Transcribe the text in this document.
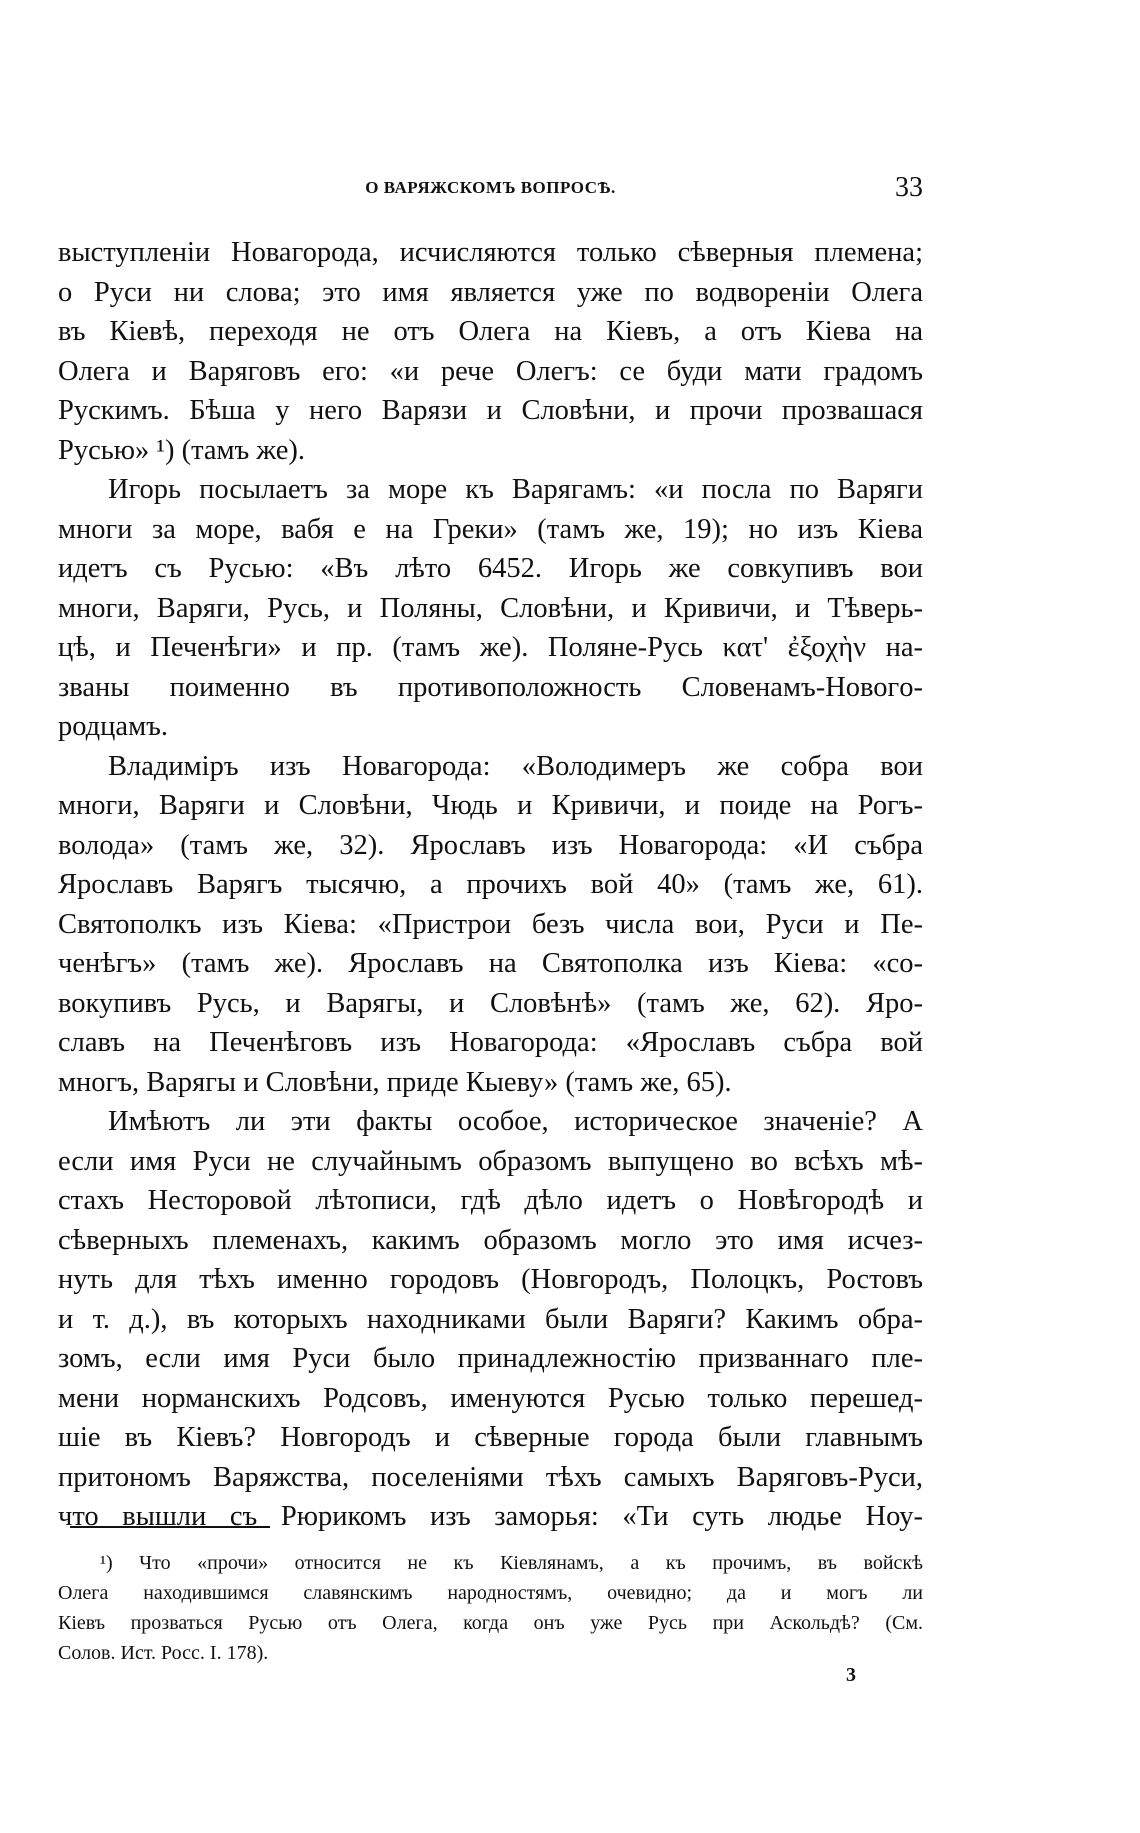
О ВАРЯЖСКОМЪ ВОПРОСѢ.	33
выступленіи Новагорода, исчисляются только сѣверныя племена;
о Руси ни слова; это имя является уже по водвореніи Олега
въ Кіевѣ, переходя не отъ Олега на Кіевъ, а отъ Кіева на
Олега и Варяговъ его: «и рече Олегъ: се буди мати градомъ
Рускимъ. Бѣша у него Варязи и Словѣни, и прочи прозвашася
Русью» ¹) (тамъ же).
Игорь посылаетъ за море къ Варягамъ: «и посла по Варяги
многи за море, вабя е на Греки» (тамъ же, 19); но изъ Кіева
идетъ съ Русью: «Въ лѣто 6452. Игорь же совкупивъ вои
многи, Варяги, Русь, и Поляны, Словѣни, и Кривичи, и Тѣверь-
цѣ, и Печенѣги» и пр. (тамъ же). Поляне-Русь κατ' ἐξοχὴν на-
званы поименно въ противоположность Словенамъ-Новогo-
родцамъ.
Владиміръ изъ Новагорода: «Володимеръ же собра вои
многи, Варяги и Словѣни, Чюдь и Кривичи, и поиде на Рогъ-
волода» (тамъ же, 32). Ярославъ изъ Новагорода: «И събра
Ярославъ Варягъ тысячю, а прочихъ вой 40» (тамъ же, 61).
Святополкъ изъ Кіева: «Пристрои безъ числа вои, Руси и Пе-
ченѣгъ» (тамъ же). Ярославъ на Святополка изъ Кіева: «со-
вокупивъ Русь, и Варягы, и Словѣнѣ» (тамъ же, 62). Яро-
славъ на Печенѣговъ изъ Новагорода: «Ярославъ събра вой
мнoгъ, Варягы и Словѣни, приде Кыеву» (тамъ же, 65).
Имѣютъ ли эти факты особое, историческое значеніе? А
если имя Руси не случайнымъ образомъ выпущено во всѣхъ мѣ-
стахъ Несторовой лѣтописи, гдѣ дѣло идетъ о Новѣгородѣ и
сѣверныхъ племенахъ, какимъ образомъ могло это имя исчез-
нуть для тѣхъ именно городовъ (Новгородъ, Полоцкъ, Ростовъ
и т. д.), въ которыхъ находниками были Варяги? Какимъ обра-
зомъ, если имя Руси было принадлежностію призваннаго пле-
мени норманскихъ Родсовъ, именуются Русью только перешед-
шіе въ Кіевъ? Новгородъ и сѣверные города были главнымъ
притономъ Варяжства, поселеніями тѣхъ самыхъ Варяговъ-Руси,
что вышли съ Рюрикомъ изъ заморья: «Ти суть людье Ноу-
¹) Что «прочи» относится не къ Кіевлянамъ, а къ прочимъ, въ войскѣ
Олега находившимся славянскимъ народностямъ, очевидно; да и могъ ли
Кіевъ прозваться Русью отъ Олега, когда онъ уже Русь при Аскольдѣ? (См.
Солов. Ист. Росс. I. 178).
3
